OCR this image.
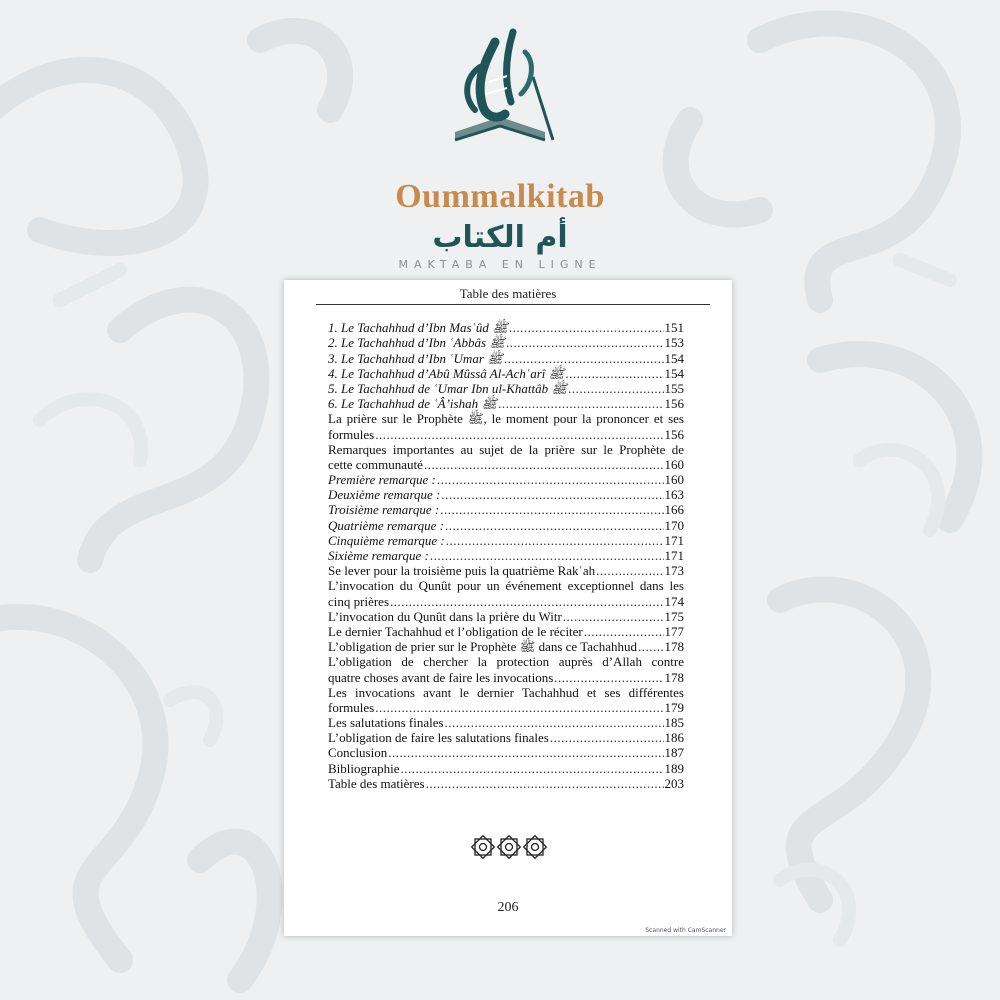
Oummalkitab
أم الكتاب
MAKTABA EN LIGNE
Table des matières
1. Le Tachahhud d’Ibn Masʿûd ﷺ .....	151
2. Le Tachahhud d’Ibn ʿAbbâs ﷺ .....	153
3. Le Tachahhud d’Ibn ʿUmar ﷺ .....	154
4. Le Tachahhud d’Abû Mûssâ Al-Achʿarî ﷺ .....	154
5. Le Tachahhud de ʿUmar Ibn ul-Khattâb ﷺ .....	155
6. Le Tachahhud de ʿÂ’ishah ﷺ .....	156
La prière sur le Prophète ﷺ, le moment pour la prononcer et ses
formules .....	156
Remarques importantes au sujet de la prière sur le Prophète de
cette communauté .....	160
Première remarque : .....	160
Deuxième remarque : .....	163
Troisième remarque : .....	166
Quatrième remarque : .....	170
Cinquième remarque : .....	171
Sixième remarque : .....	171
Se lever pour la troisième puis la quatrième Rakʿah .....	173
L’invocation du Qunût pour un événement exceptionnel dans les
cinq prières .....	174
L’invocation du Qunût dans la prière du Witr .....	175
Le dernier Tachahhud et l’obligation de le réciter .....	177
L’obligation de prier sur le Prophète ﷺ dans ce Tachahhud ..... 178
L’obligation de chercher la protection auprès d’Allah contre
quatre choses avant de faire les invocations .....	178
Les invocations avant le dernier Tachahhud et ses différentes
formules .....	179
Les salutations finales .....	185
L’obligation de faire les salutations finales .....	186
Conclusion .....	187
Bibliographie .....	189
Table des matières .....	203
206
Scanned with CamScanner
